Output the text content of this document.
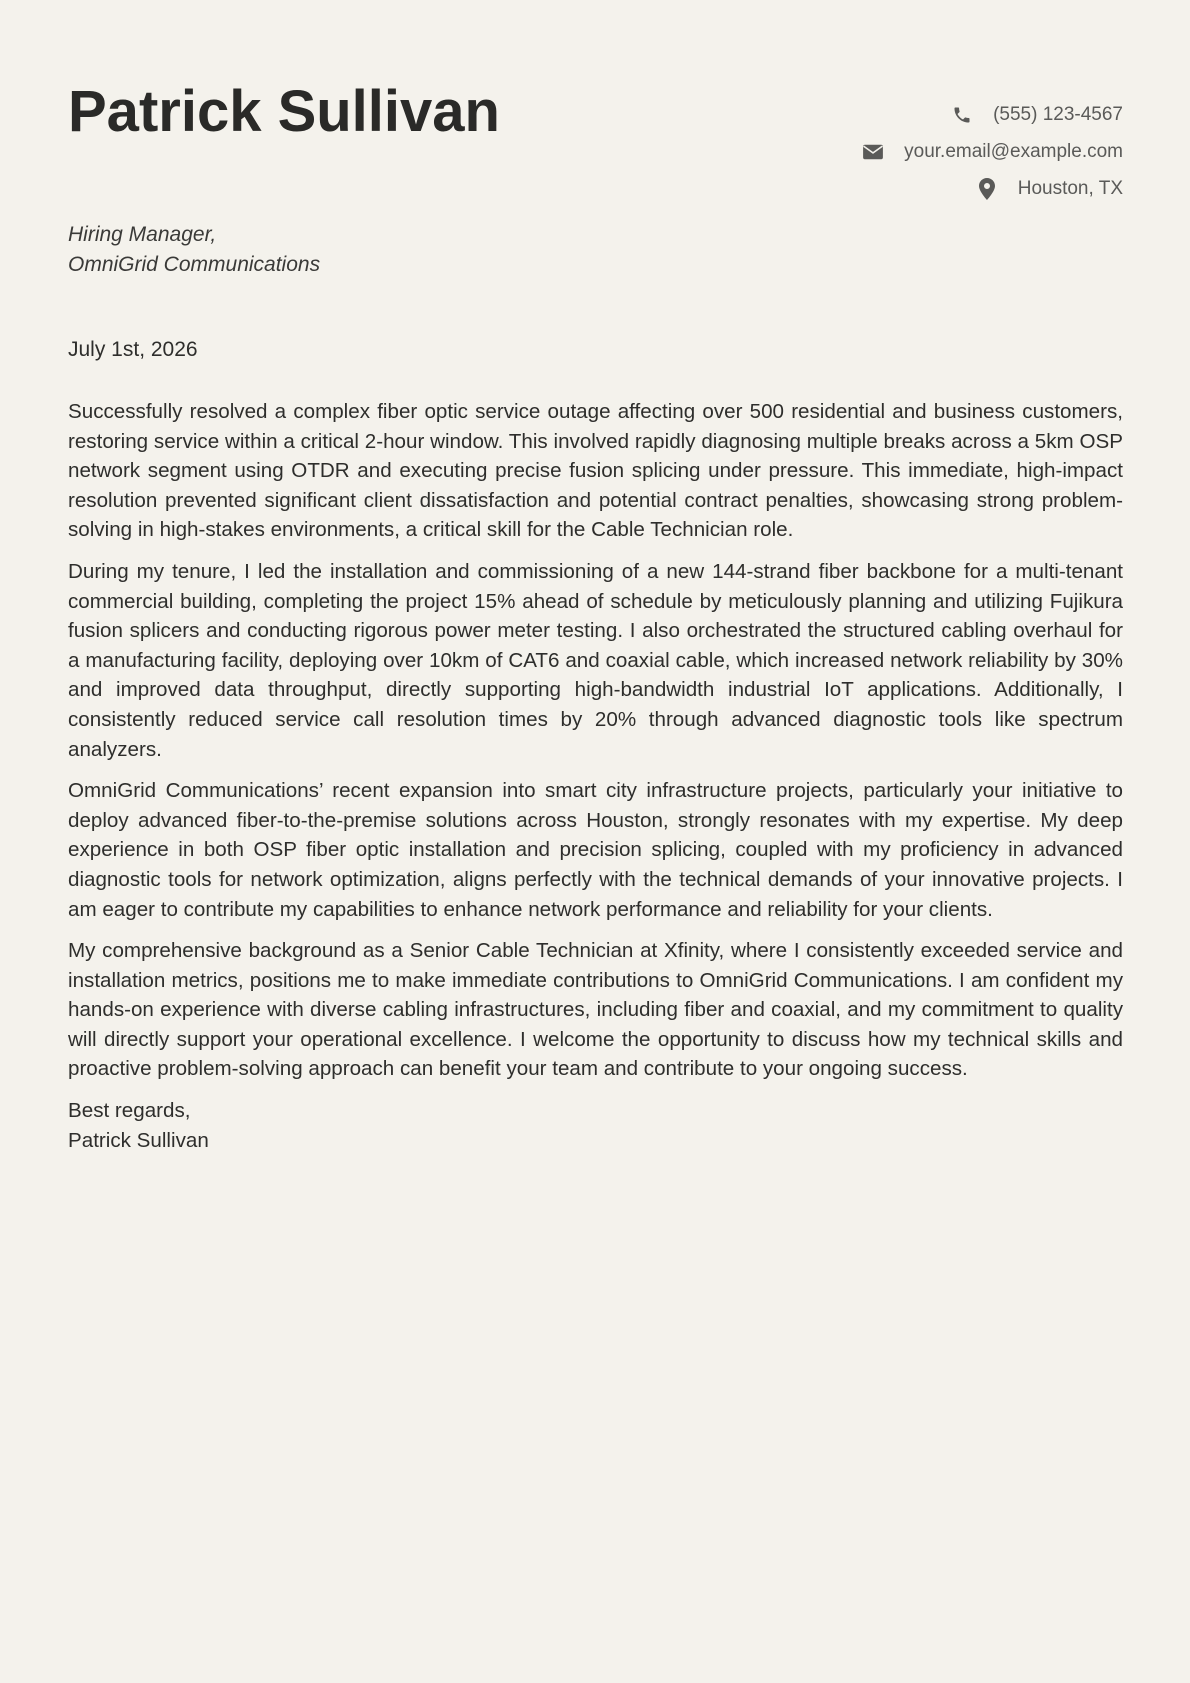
Patrick Sullivan	(555) 123-4567
your.email@example.com
Houston, TX
Hiring Manager,
OmniGrid Communications
July 1st, 2026

Successfully resolved a complex fiber optic service outage affecting over 500 residential and business customers, restoring service within a critical 2-hour window. This involved rapidly diagnosing multiple breaks across a 5km OSP network segment using OTDR and executing precise fusion splicing under pressure. This immediate, high-impact resolution prevented significant client dissatisfaction and potential contract penalties, showcasing strong problem-solving in high-stakes environments, a critical skill for the Cable Technician role.

During my tenure, I led the installation and commissioning of a new 144-strand fiber backbone for a multi-tenant commercial building, completing the project 15% ahead of schedule by meticulously planning and utilizing Fujikura fusion splicers and conducting rigorous power meter testing. I also orchestrated the structured cabling overhaul for a manufacturing facility, deploying over 10km of CAT6 and coaxial cable, which increased network reliability by 30% and improved data throughput, directly supporting high-bandwidth industrial IoT applications. Additionally, I consistently reduced service call resolution times by 20% through advanced diagnostic tools like spectrum analyzers.

OmniGrid Communications’ recent expansion into smart city infrastructure projects, particularly your initiative to deploy advanced fiber-to-the-premise solutions across Houston, strongly resonates with my expertise. My deep experience in both OSP fiber optic installation and precision splicing, coupled with my proficiency in advanced diagnostic tools for network optimization, aligns perfectly with the technical demands of your innovative projects. I am eager to contribute my capabilities to enhance network performance and reliability for your clients.

My comprehensive background as a Senior Cable Technician at Xfinity, where I consistently exceeded service and installation metrics, positions me to make immediate contributions to OmniGrid Communications. I am confident my hands-on experience with diverse cabling infrastructures, including fiber and coaxial, and my commitment to quality will directly support your operational excellence. I welcome the opportunity to discuss how my technical skills and proactive problem-solving approach can benefit your team and contribute to your ongoing success.

Best regards,
Patrick Sullivan
